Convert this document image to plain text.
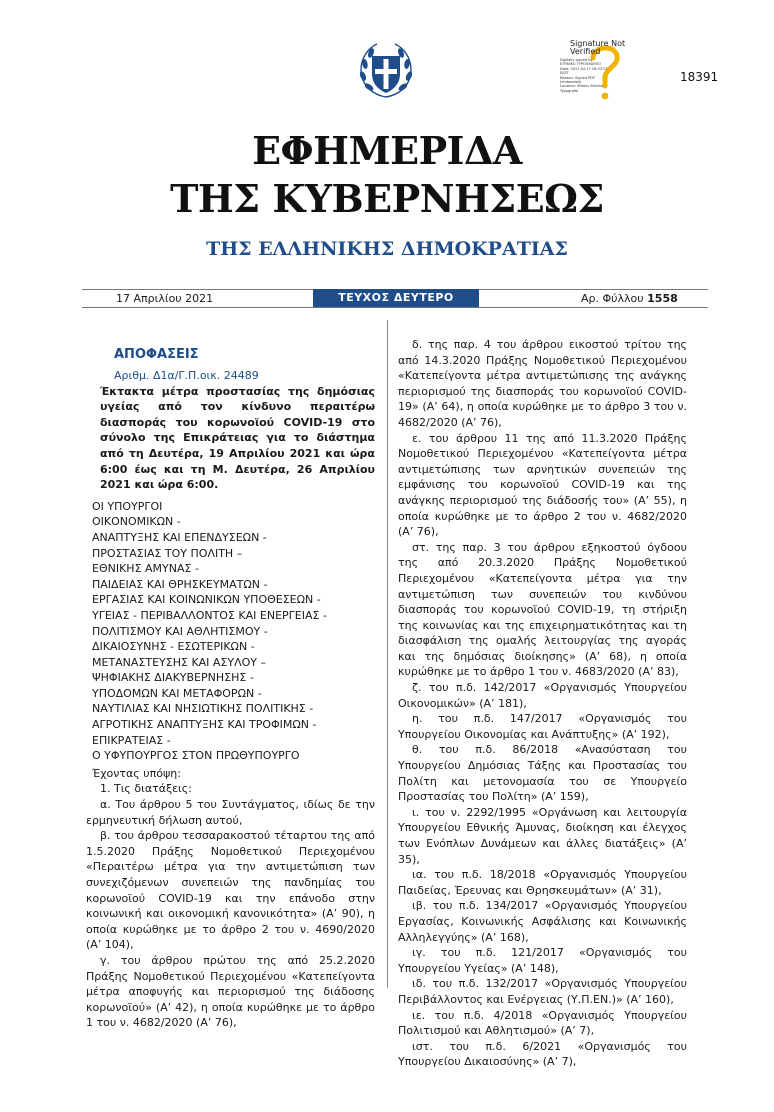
Signature Not
Verified
Digitally signed by
ETHNIKO TYPOGRAFEIO
Date: 2021.04.17 18:53:27
EEST
Reason: Signed PDF
(embedded)
Location: Athens Ethniko
Typografio
18391
ΕΦΗΜΕΡΙΔΑ
ΤΗΣ ΚΥΒΕΡΝΗΣΕΩΣ
ΤΗΣ ΕΛΛΗΝΙΚΗΣ ΔΗΜΟΚΡΑΤΙΑΣ
17 Απριλίου 2021	ΤΕΥΧΟΣ ΔΕΥΤΕΡΟ	Αρ. Φύλλου 1558

ΑΠΟΦΑΣΕΙΣ

Αριθμ. Δ1α/Γ.Π.οικ. 24489

Έκτακτα μέτρα προστασίας της δημόσιας υγείας από τον κίνδυνο περαιτέρω διασποράς του κορωνοϊού COVID-19 στο σύνολο της Επικράτειας για το διάστημα από τη Δευτέρα, 19 Απριλίου 2021 και ώρα 6:00 έως και τη Μ. Δευτέρα, 26 Απριλίου 2021 και ώρα 6:00.

ΟΙ ΥΠΟΥΡΓΟΙ

ΟΙΚΟΝΟΜΙΚΩΝ -

ΑΝΑΠΤΥΞΗΣ ΚΑΙ ΕΠΕΝΔΥΣΕΩΝ -

ΠΡΟΣΤΑΣΙΑΣ ΤΟΥ ΠΟΛΙΤΗ –

ΕΘΝΙΚΗΣ ΑΜΥΝΑΣ -

ΠΑΙΔΕΙΑΣ ΚΑΙ ΘΡΗΣΚΕΥΜΑΤΩΝ -

ΕΡΓΑΣΙΑΣ ΚΑΙ ΚΟΙΝΩΝΙΚΩΝ ΥΠΟΘΕΣΕΩΝ -

ΥΓΕΙΑΣ - ΠΕΡΙΒΑΛΛΟΝΤΟΣ ΚΑΙ ΕΝΕΡΓΕΙΑΣ -

ΠΟΛΙΤΙΣΜΟΥ ΚΑΙ ΑΘΛΗΤΙΣΜΟΥ -

ΔΙΚΑΙΟΣΥΝΗΣ - ΕΣΩΤΕΡΙΚΩΝ -

ΜΕΤΑΝΑΣΤΕΥΣΗΣ ΚΑΙ ΑΣΥΛΟΥ –

ΨΗΦΙΑΚΗΣ ΔΙΑΚΥΒΕΡΝΗΣΗΣ -

ΥΠΟΔΟΜΩΝ ΚΑΙ ΜΕΤΑΦΟΡΩΝ -

ΝΑΥΤΙΛΙΑΣ ΚΑΙ ΝΗΣΙΩΤΙΚΗΣ ΠΟΛΙΤΙΚΗΣ -

ΑΓΡΟΤΙΚΗΣ ΑΝΑΠΤΥΞΗΣ ΚΑΙ ΤΡΟΦΙΜΩΝ -

ΕΠΙΚΡΑΤΕΙΑΣ -

Ο ΥΦΥΠΟΥΡΓΟΣ ΣΤΟΝ ΠΡΩΘΥΠΟΥΡΓΟ

Έχοντας υπόψη:

1. Τις διατάξεις:

α. Του άρθρου 5 του Συντάγματος, ιδίως δε την ερμηνευτική δήλωση αυτού,

β. του άρθρου τεσσαρακοστού τέταρτου της από 1.5.2020 Πράξης Νομοθετικού Περιεχομένου «Περαιτέρω μέτρα για την αντιμετώπιση των συνεχιζόμενων συνεπειών της πανδημίας του κορωνοϊού COVID-19 και την επάνοδο στην κοινωνική και οικονομική κανονικότητα» (Α’ 90), η οποία κυρώθηκε με το άρθρο 2 του ν. 4690/2020 (Α’ 104),

γ. του άρθρου πρώτου της από 25.2.2020 Πράξης Νομοθετικού Περιεχομένου «Κατεπείγοντα μέτρα αποφυγής και περιορισμού της διάδοσης κορωνοϊού» (Α’ 42), η οποία κυρώθηκε με το άρθρο 1 του ν. 4682/2020 (Α’ 76),

δ. της παρ. 4 του άρθρου εικοστού τρίτου της από 14.3.2020 Πράξης Νομοθετικού Περιεχομένου «Κατεπείγοντα μέτρα αντιμετώπισης της ανάγκης περιορισμού της διασποράς του κορωνοϊού COVID-19» (Α’ 64), η οποία κυρώθηκε με το άρθρο 3 του ν. 4682/2020 (Α’ 76),

ε. του άρθρου 11 της από 11.3.2020 Πράξης Νομοθετικού Περιεχομένου «Κατεπείγοντα μέτρα αντιμετώπισης των αρνητικών συνεπειών της εμφάνισης του κορωνοϊού COVID-19 και της ανάγκης περιορισμού της διάδοσής του» (Α’ 55), η οποία κυρώθηκε με το άρθρο 2 του ν. 4682/2020 (Α’ 76),

στ. της παρ. 3 του άρθρου εξηκοστού όγδοου της από 20.3.2020 Πράξης Νομοθετικού Περιεχομένου «Κατεπείγοντα μέτρα για την αντιμετώπιση των συνεπειών του κινδύνου διασποράς του κορωνοϊού COVID-19, τη στήριξη της κοινωνίας και της επιχειρηματικότητας και τη διασφάλιση της ομαλής λειτουργίας της αγοράς και της δημόσιας διοίκησης» (Α’ 68), η οποία κυρώθηκε με το άρθρο 1 του ν. 4683/2020 (Α’ 83),

ζ. του π.δ. 142/2017 «Οργανισμός Υπουργείου Οικονομικών» (Α’ 181),

η. του π.δ. 147/2017 «Οργανισμός του Υπουργείου Οικονομίας και Ανάπτυξης» (Α’ 192),

θ. του π.δ. 86/2018 «Ανασύσταση του Υπουργείου Δημόσιας Τάξης και Προστασίας του Πολίτη και μετονομασία του σε Υπουργείο Προστασίας του Πολίτη» (Α’ 159),

ι. του ν. 2292/1995 «Οργάνωση και λειτουργία Υπουργείου Εθνικής Άμυνας, διοίκηση και έλεγχος των Ενόπλων Δυνάμεων και άλλες διατάξεις» (Α’ 35),

ια. του π.δ. 18/2018 «Οργανισμός Υπουργείου Παιδείας, Έρευνας και Θρησκευμάτων» (Α’ 31),

ιβ. του π.δ. 134/2017 «Οργανισμός Υπουργείου Εργασίας, Κοινωνικής Ασφάλισης και Κοινωνικής Αλληλεγγύης» (Α’ 168),

ιγ. του π.δ. 121/2017 «Οργανισμός του Υπουργείου Υγείας» (Α’ 148),

ιδ. του π.δ. 132/2017 «Οργανισμός Υπουργείου Περιβάλλοντος και Ενέργειας (Υ.Π.ΕΝ.)» (Α’ 160),

ιε. του π.δ. 4/2018 «Οργανισμός Υπουργείου Πολιτισμού και Αθλητισμού» (Α’ 7),

ιστ. του π.δ. 6/2021 «Οργανισμός του Υπουργείου Δικαιοσύνης» (Α’ 7),
